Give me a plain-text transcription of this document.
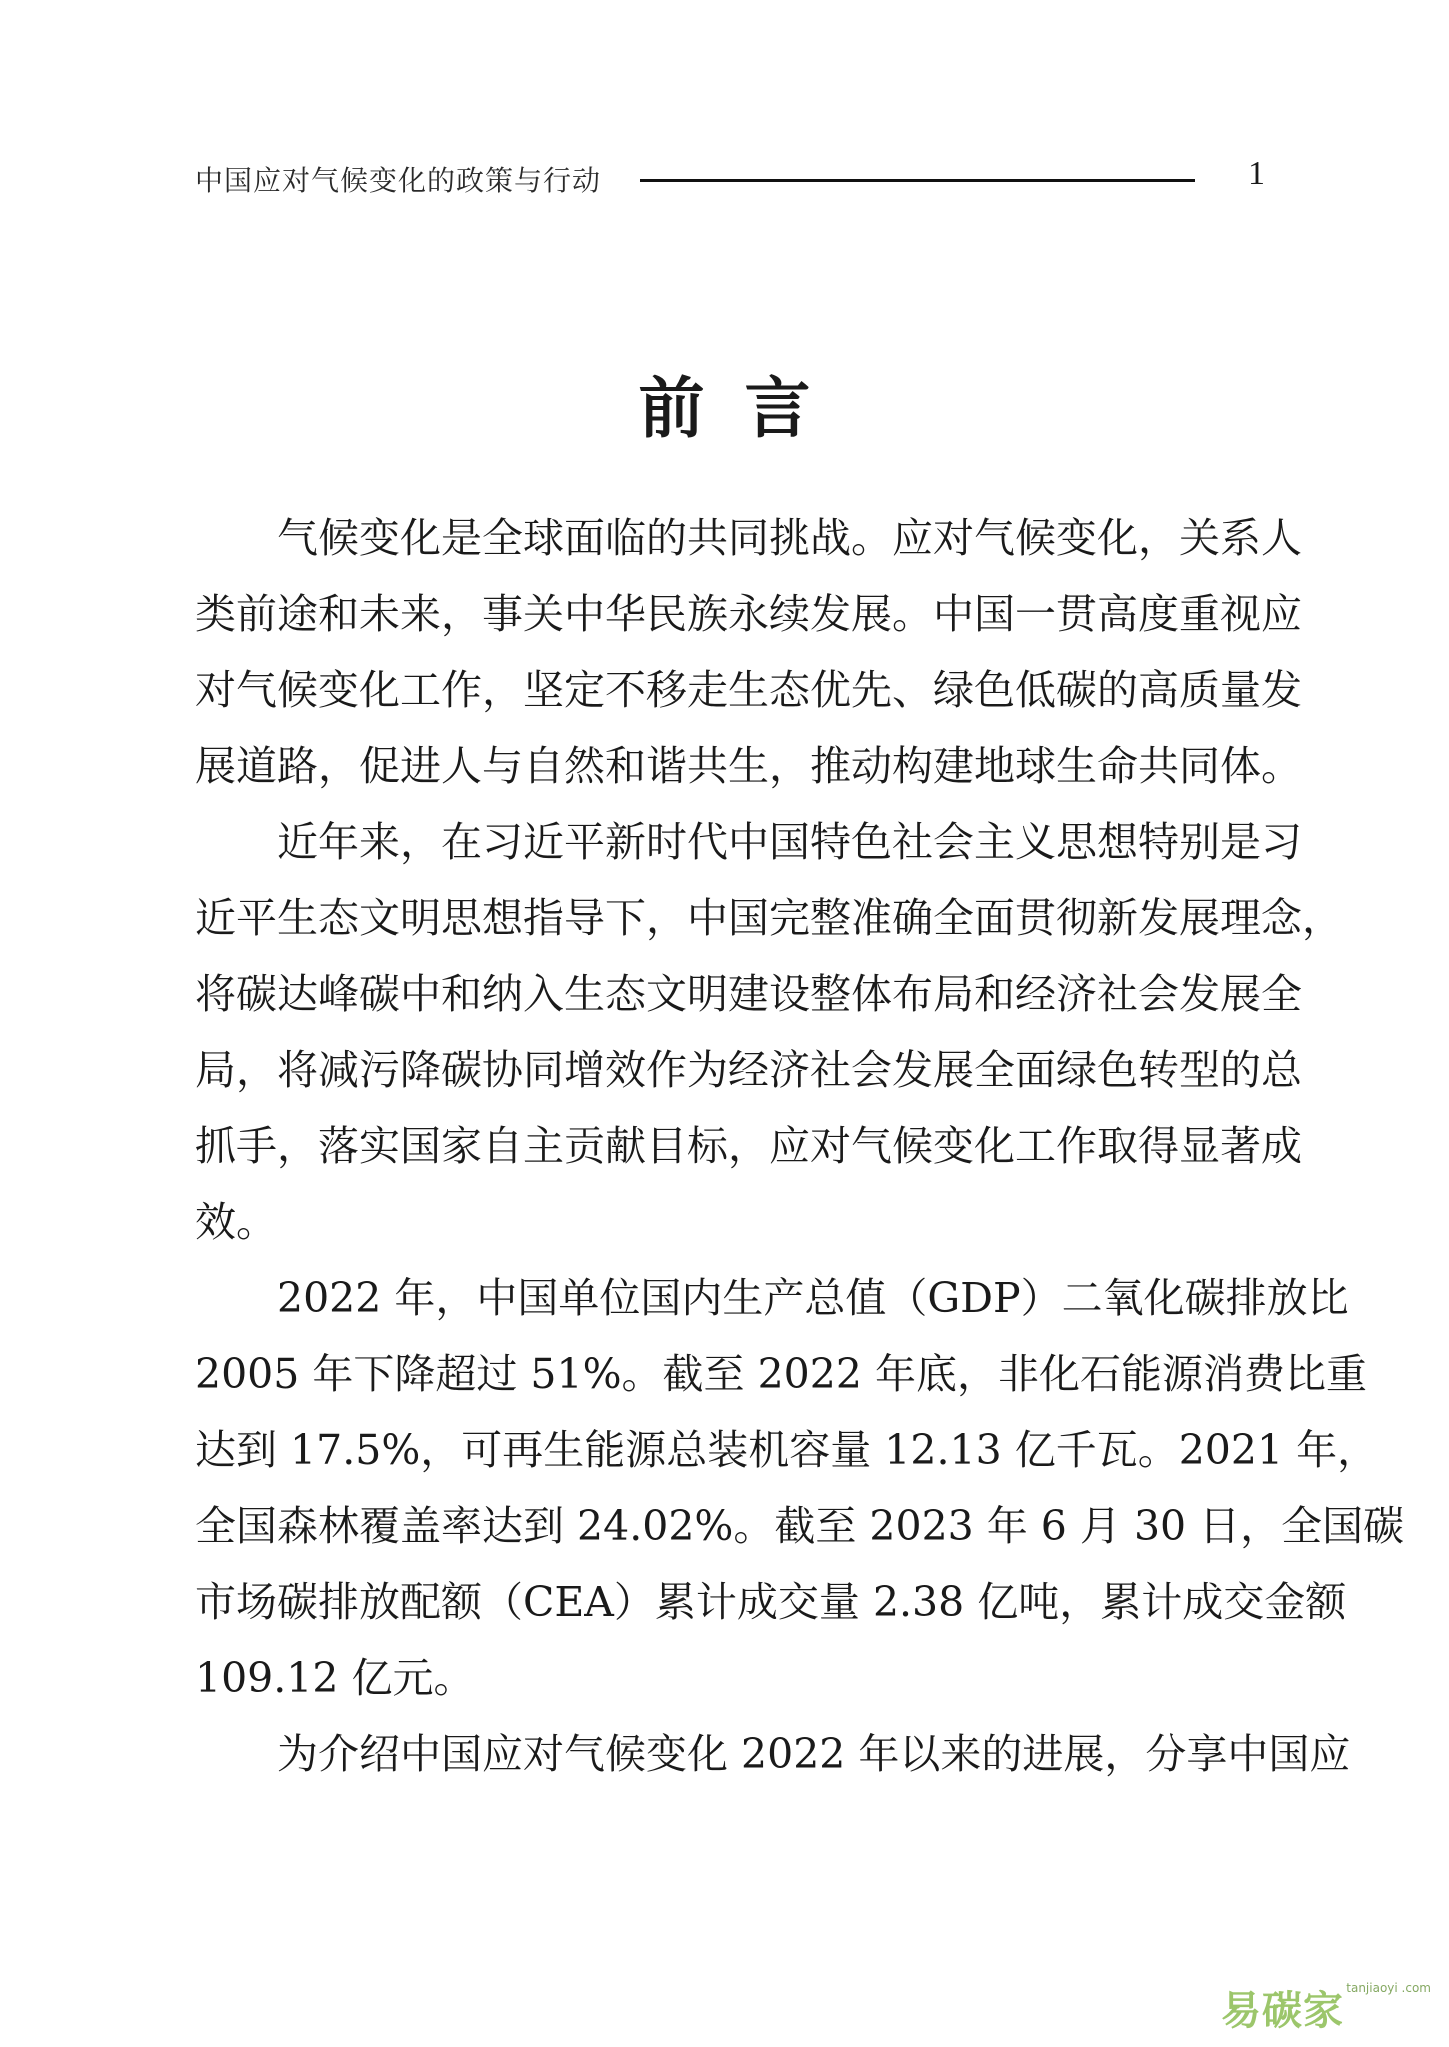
中国应对气候变化的政策与行动	1
前言
气候变化是全球面临的共同挑战。应对气候变化，关系人
类前途和未来，事关中华民族永续发展。中国一贯高度重视应
对气候变化工作，坚定不移走生态优先、绿色低碳的高质量发
展道路，促进人与自然和谐共生，推动构建地球生命共同体。
近年来，在习近平新时代中国特色社会主义思想特别是习
近平生态文明思想指导下，中国完整准确全面贯彻新发展理念，
将碳达峰碳中和纳入生态文明建设整体布局和经济社会发展全
局，将减污降碳协同增效作为经济社会发展全面绿色转型的总
抓手，落实国家自主贡献目标，应对气候变化工作取得显著成
效。
2022 年，中国单位国内生产总值（GDP）二氧化碳排放比
2005 年下降超过 51%。截至 2022 年底，非化石能源消费比重
达到 17.5%，可再生能源总装机容量 12.13 亿千瓦。2021 年，
全国森林覆盖率达到 24.02%。截至 2023 年 6 月 30 日，全国碳
市场碳排放配额（CEA）累计成交量 2.38 亿吨，累计成交金额
109.12 亿元。
为介绍中国应对气候变化 2022 年以来的进展，分享中国应
易碳家 tanjiaoyi .com
